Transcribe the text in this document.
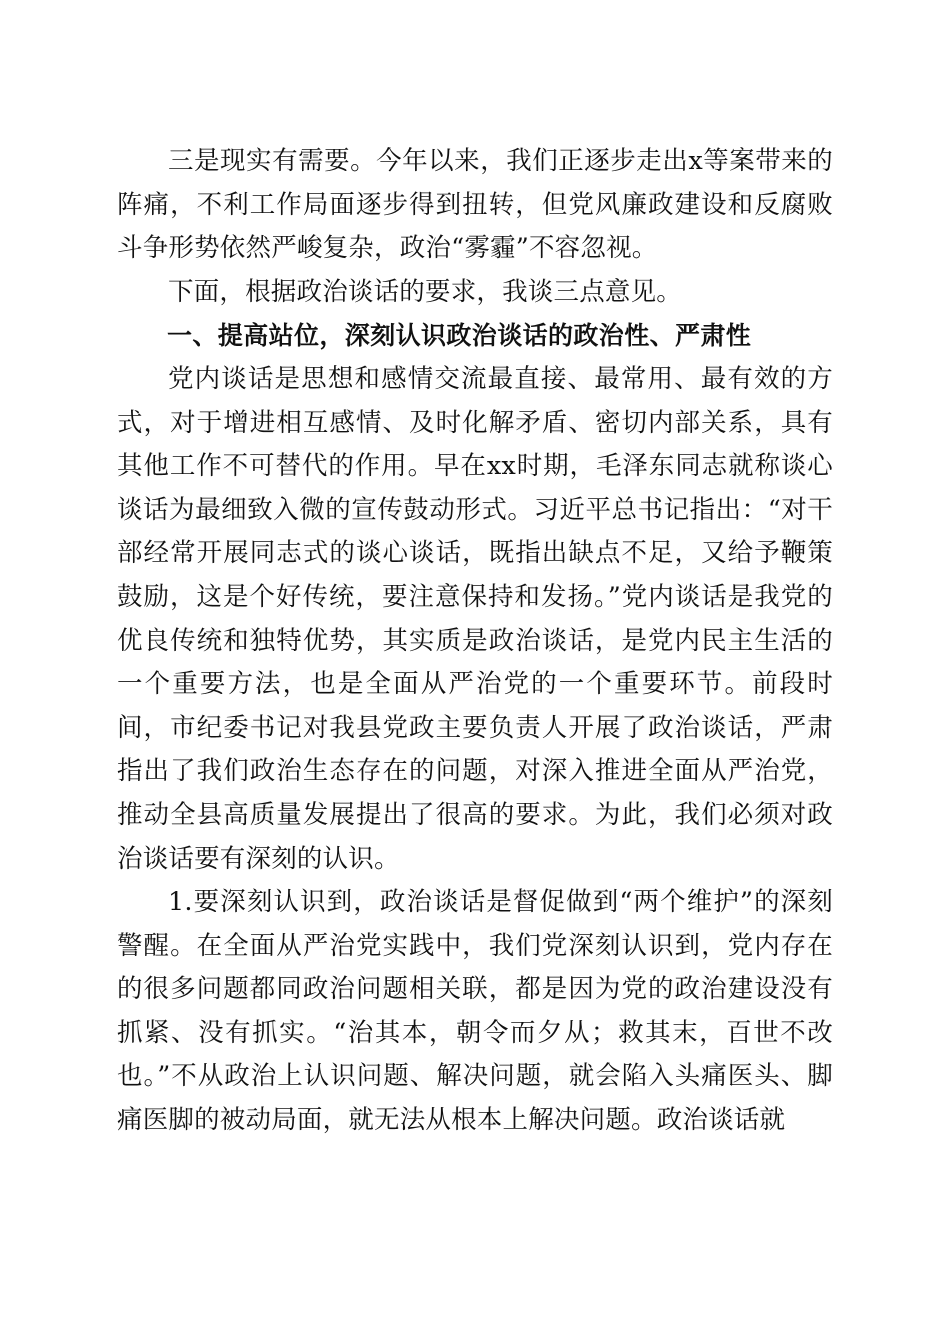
三是现实有需要。今年以来，我们正逐步走出x等案带来的阵痛，不利工作局面逐步得到扭转，但党风廉政建设和反腐败斗争形势依然严峻复杂，政治“雾霾”不容忽视。

下面，根据政治谈话的要求，我谈三点意见。

一、提高站位，深刻认识政治谈话的政治性、严肃性

党内谈话是思想和感情交流最直接、最常用、最有效的方式，对于增进相互感情、及时化解矛盾、密切内部关系，具有其他工作不可替代的作用。早在xx时期，毛泽东同志就称谈心谈话为最细致入微的宣传鼓动形式。习近平总书记指出：“对干部经常开展同志式的谈心谈话，既指出缺点不足，又给予鞭策鼓励，这是个好传统，要注意保持和发扬。”党内谈话是我党的优良传统和独特优势，其实质是政治谈话，是党内民主生活的一个重要方法，也是全面从严治党的一个重要环节。前段时间，市纪委书记对我县党政主要负责人开展了政治谈话，严肃指出了我们政治生态存在的问题，对深入推进全面从严治党，推动全县高质量发展提出了很高的要求。为此，我们必须对政治谈话要有深刻的认识。

1.要深刻认识到，政治谈话是督促做到“两个维护”的深刻警醒。在全面从严治党实践中，我们党深刻认识到，党内存在的很多问题都同政治问题相关联，都是因为党的政治建设没有抓紧、没有抓实。“治其本，朝令而夕从；救其末，百世不改也。”不从政治上认识问题、解决问题，就会陷入头痛医头、脚痛医脚的被动局面，就无法从根本上解决问题。政治谈话就
